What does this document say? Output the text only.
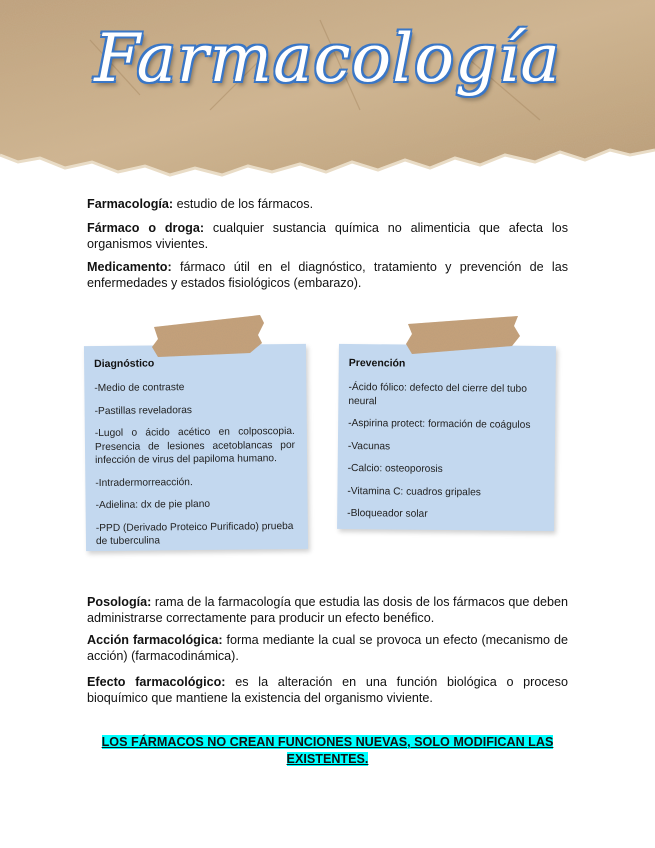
Farmacología

Farmacología: estudio de los fármacos.

Fármaco o droga: cualquier sustancia química no alimenticia que afecta los organismos vivientes.

Medicamento: fármaco útil en el diagnóstico, tratamiento y prevención de las enfermedades y estados fisiológicos (embarazo).

Diagnóstico
-Medio de contraste
-Pastillas reveladoras
-Lugol o ácido acético en colposcopia. Presencia de lesiones acetoblancas por infección de virus del papiloma humano.
-Intradermorreacción.
-Adielina: dx de pie plano
-PPD (Derivado Proteico Purificado) prueba de tuberculina
Prevención
-Ácido fólico: defecto del cierre del tubo neural
-Aspirina protect: formación de coágulos
-Vacunas
-Calcio: osteoporosis
-Vitamina C: cuadros gripales
-Bloqueador solar

Posología: rama de la farmacología que estudia las dosis de los fármacos que deben administrarse correctamente para producir un efecto benéfico.

Acción farmacológica: forma mediante la cual se provoca un efecto (mecanismo de acción) (farmacodinámica).

Efecto farmacológico: es la alteración en una función biológica o proceso bioquímico que mantiene la existencia del organismo viviente.

LOS FÁRMACOS NO CREAN FUNCIONES NUEVAS, SOLO MODIFICAN LAS EXISTENTES.
